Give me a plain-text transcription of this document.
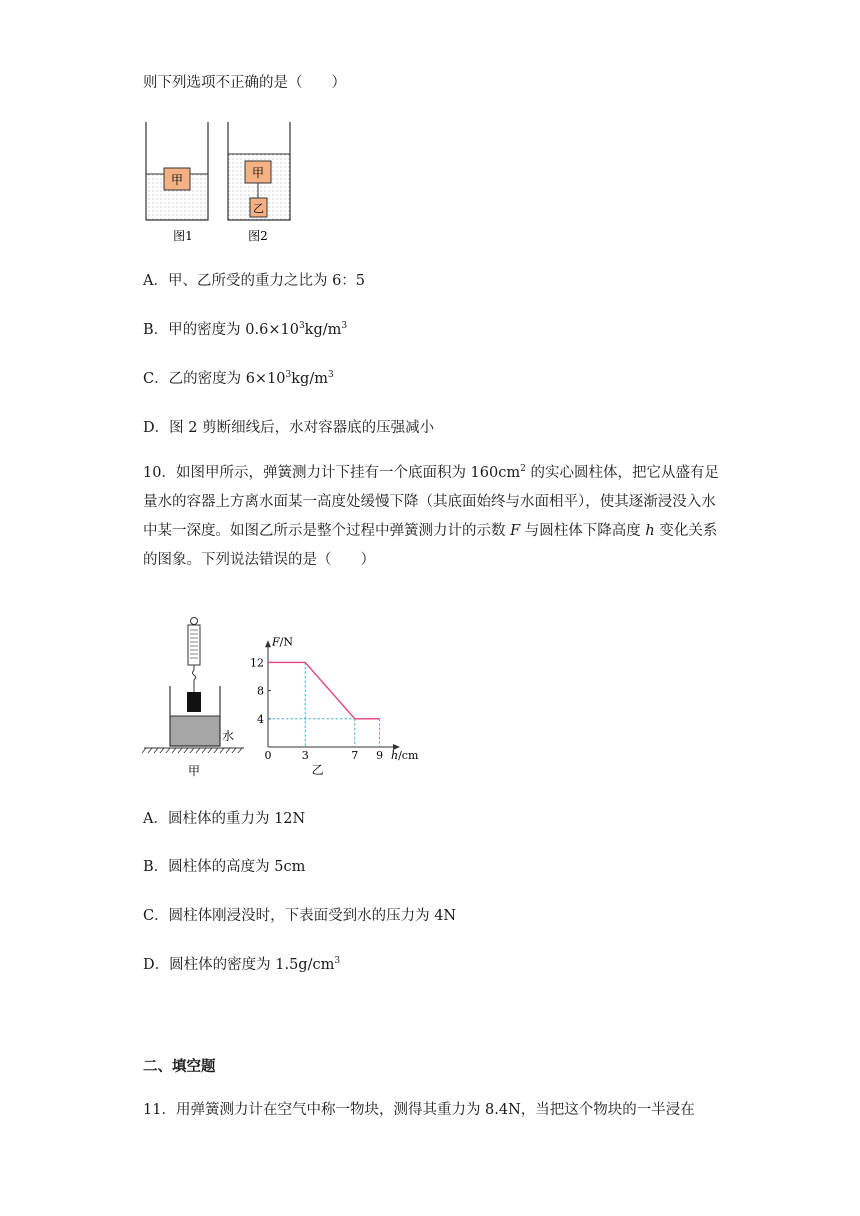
则下列选项不正确的是（　　）
甲	甲
乙
图1	图2
A．甲、乙所受的重力之比为 6：5
B．甲的密度为 $0.6\times 10^3kg/m^3$
C．乙的密度为 $6\times 10^3kg/m^3$
D．图 2 剪断细线后，水对容器底的压强减小
10．如图甲所示，弹簧测力计下挂有一个底面积为 $160cm^2$ 的实心圆柱体，把它从盛有足量水的容器上方离水面某一高度处缓慢下降（其底面始终与水面相平），使其逐渐浸没入水中某一深度。如图乙所示是整个过程中弹簧测力计的示数 F 与圆柱体下降高度 h 变化关系的图象。下列说法错误的是（　　）
水
甲
F/N
h/cm
0	3	7 9
12
8
4
乙
A．圆柱体的重力为 12N
B．圆柱体的高度为 5cm
C．圆柱体刚浸没时，下表面受到水的压力为 4N
D．圆柱体的密度为 $1.5g/cm^3$
二、填空题
11．用弹簧测力计在空气中称一物块，测得其重力为 8.4N，当把这个物块的一半浸在
